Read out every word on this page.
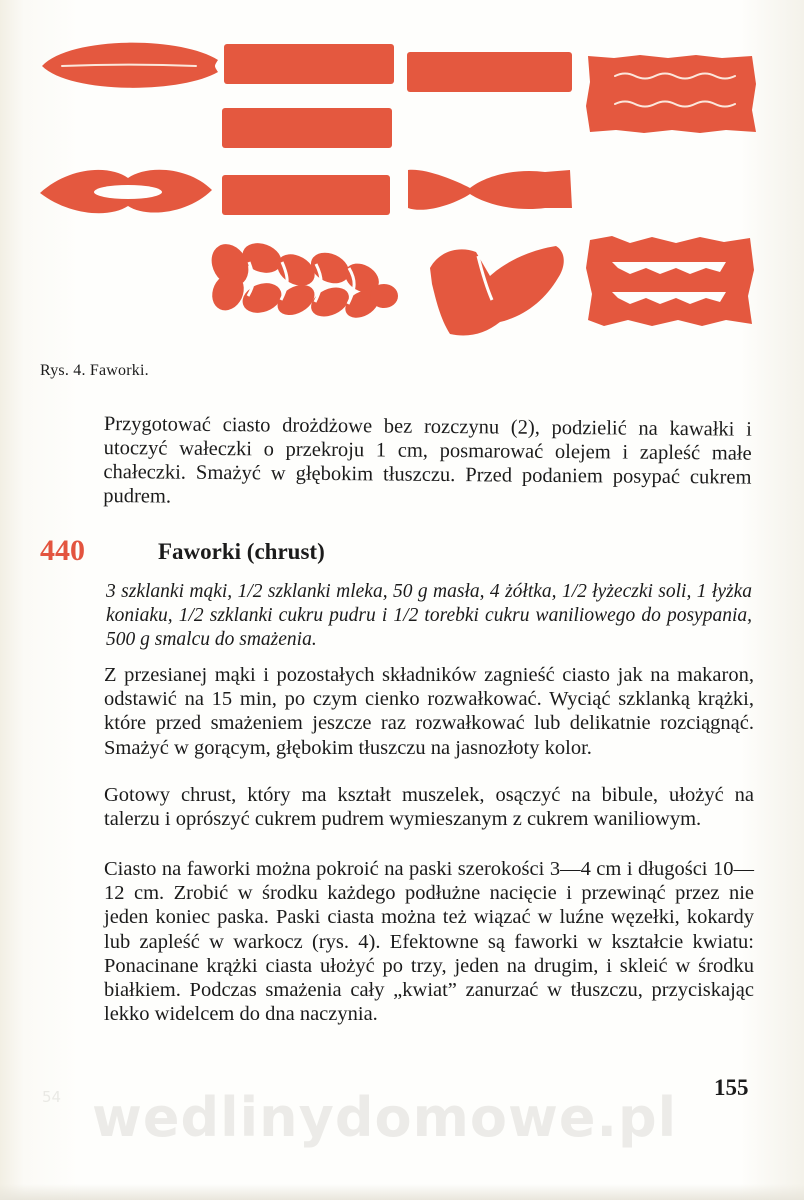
Rys. 4. Faworki.

Przygotować ciasto drożdżowe bez rozczynu (2), podzielić na kawałki i utoczyć wałeczki o przekroju 1 cm, posmarować olejem i zapleść małe chałeczki. Smażyć w głębokim tłuszczu. Przed podaniem posypać cukrem pudrem.

440	Faworki (chrust)

3 szklanki mąki, 1/2 szklanki mleka, 50 g masła, 4 żółtka, 1/2 łyżeczki soli, 1 łyżka koniaku, 1/2 szklanki cukru pudru i 1/2 torebki cukru waniliowego do posypania, 500 g smalcu do smażenia.

Z przesianej mąki i pozostałych składników zagnieść ciasto jak na makaron, odstawić na 15 min, po czym cienko rozwałkować. Wyciąć szklanką krążki, które przed smażeniem jeszcze raz rozwałkować lub delikatnie rozciągnąć. Smażyć w gorącym, głębokim tłuszczu na jasnozłoty kolor.

Gotowy chrust, który ma kształt muszelek, osączyć na bibule, ułożyć na talerzu i oprószyć cukrem pudrem wymieszanym z cukrem waniliowym.

Ciasto na faworki można pokroić na paski szerokości 3—4 cm i długości 10—12 cm. Zrobić w środku każdego podłużne nacięcie i przewinąć przez nie jeden koniec paska. Paski ciasta można też wiązać w luźne węzełki, kokardy lub zapleść w warkocz (rys. 4). Efektowne są faworki w kształcie kwiatu: Ponacinane krążki ciasta ułożyć po trzy, jeden na drugim, i skleić w środku białkiem. Podczas smażenia cały „kwiat” zanurzać w tłuszczu, przyciskając lekko widelcem do dna naczynia.

54 wedlinydomowe.pl 155
